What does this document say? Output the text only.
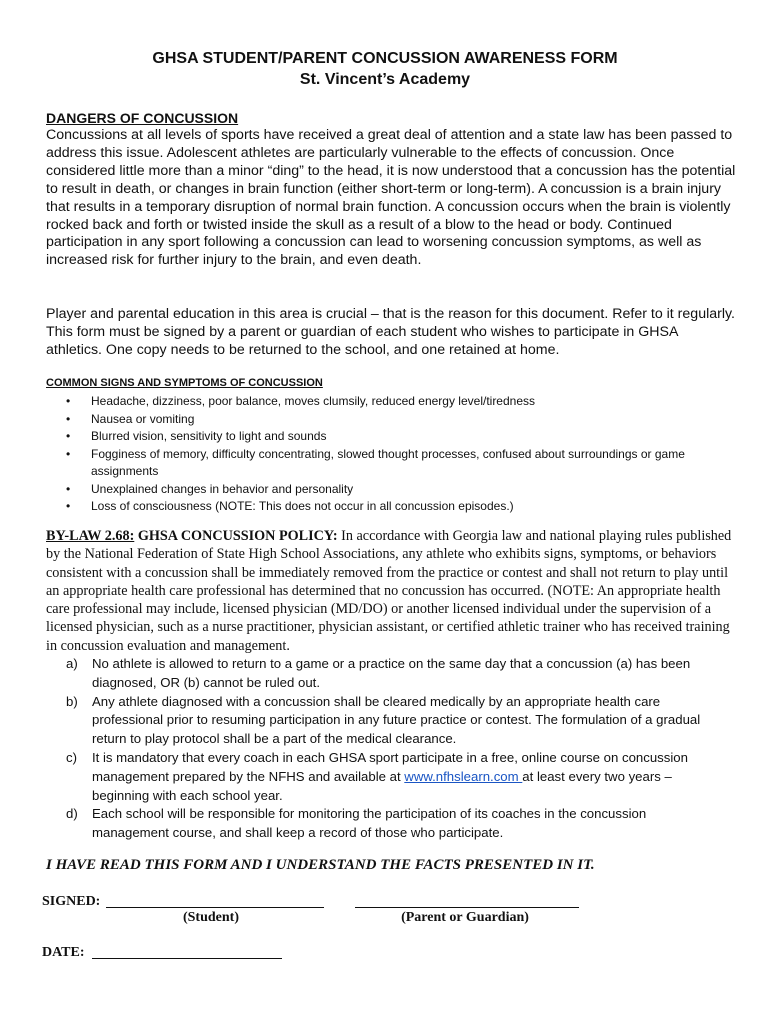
GHSA STUDENT/PARENT CONCUSSION AWARENESS FORM
St. Vincent’s Academy
DANGERS OF CONCUSSION

Concussions at all levels of sports have received a great deal of attention and a state law has been passed to address this issue. Adolescent athletes are particularly vulnerable to the effects of concussion. Once considered little more than a minor “ding” to the head, it is now understood that a concussion has the potential to result in death, or changes in brain function (either short-term or long-term). A concussion is a brain injury that results in a temporary disruption of normal brain function. A concussion occurs when the brain is violently rocked back and forth or twisted inside the skull as a result of a blow to the head or body. Continued participation in any sport following a concussion can lead to worsening concussion symptoms, as well as increased risk for further injury to the brain, and even death.

Player and parental education in this area is crucial – that is the reason for this document. Refer to it regularly. This form must be signed by a parent or guardian of each student who wishes to participate in GHSA athletics. One copy needs to be returned to the school, and one retained at home.

COMMON SIGNS AND SYMPTOMS OF CONCUSSION
• Headache, dizziness, poor balance, moves clumsily, reduced energy level/tiredness
• Nausea or vomiting
• Blurred vision, sensitivity to light and sounds
• Fogginess of memory, difficulty concentrating, slowed thought processes, confused about surroundings or game assignments
• Unexplained changes in behavior and personality
• Loss of consciousness (NOTE: This does not occur in all concussion episodes.)

BY-LAW 2.68: GHSA CONCUSSION POLICY: In accordance with Georgia law and national playing rules published by the National Federation of State High School Associations, any athlete who exhibits signs, symptoms, or behaviors consistent with a concussion shall be immediately removed from the practice or contest and shall not return to play until an appropriate health care professional has determined that no concussion has occurred. (NOTE: An appropriate health care professional may include, licensed physician (MD/DO) or another licensed individual under the supervision of a licensed physician, such as a nurse practitioner, physician assistant, or certified athletic trainer who has received training in concussion evaluation and management.

a) No athlete is allowed to return to a game or a practice on the same day that a concussion (a) has been diagnosed, OR (b) cannot be ruled out.
b) Any athlete diagnosed with a concussion shall be cleared medically by an appropriate health care professional prior to resuming participation in any future practice or contest. The formulation of a gradual return to play protocol shall be a part of the medical clearance.
c) It is mandatory that every coach in each GHSA sport participate in a free, online course on concussion management prepared by the NFHS and available at www.nfhslearn.com at least every two years – beginning with each school year.
d) Each school will be responsible for monitoring the participation of its coaches in the concussion management course, and shall keep a record of those who participate.
I HAVE READ THIS FORM AND I UNDERSTAND THE FACTS PRESENTED IN IT.
SIGNED:
(Student)	(Parent or Guardian)
DATE:
